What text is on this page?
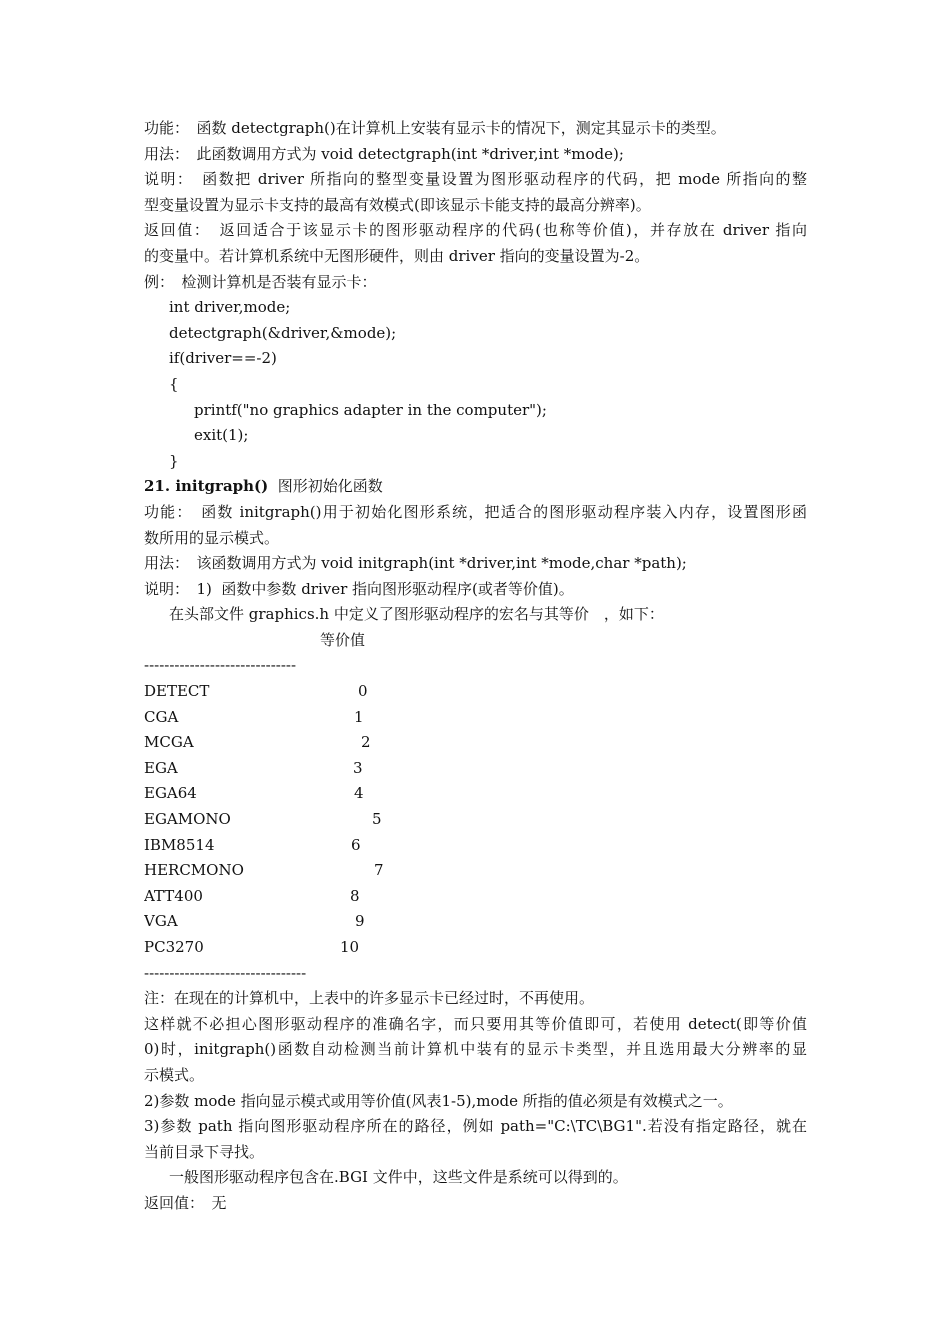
功能：　函数 detectgraph()在计算机上安装有显示卡的情况下，测定其显示卡的类型。
用法：　此函数调用方式为 void detectgraph(int *driver,int *mode);
说明：　函数把 driver 所指向的整型变量设置为图形驱动程序的代码，把 mode 所指向的整
型变量设置为显示卡支持的最高有效模式(即该显示卡能支持的最高分辨率)。
返回值：　返回适合于该显示卡的图形驱动程序的代码(也称等价值)，并存放在 driver 指向
的变量中。若计算机系统中无图形硬件，则由 driver 指向的变量设置为-2。
例：　检测计算机是否装有显示卡：
int driver,mode;
detectgraph(&driver,&mode);
if(driver==-2)
{
printf("no graphics adapter in the computer");
exit(1);
}
21. initgraph()  图形初始化函数
功能：　函数 initgraph()用于初始化图形系统，把适合的图形驱动程序装入内存，设置图形函
数所用的显示模式。
用法：　该函数调用方式为 void initgraph(int *driver,int *mode,char *path);
说明：　1)  函数中参数 driver 指向图形驱动程序(或者等价值)。
在头部文件 graphics.h 中定义了图形驱动程序的宏名与其等价　，如下：

等价值

------------------------------
DETECT	0
CGA	1
MCGA	2
EGA	3
EGA64	4
EGAMONO	5
IBM8514	6
HERCMONO	7
ATT400	8
VGA	9
PC3270	10
--------------------------------
注：在现在的计算机中，上表中的许多显示卡已经过时，不再使用。
这样就不必担心图形驱动程序的准确名字，而只要用其等价值即可，若使用 detect(即等价值
0)时，initgraph()函数自动检测当前计算机中装有的显示卡类型，并且选用最大分辨率的显
示模式。
2)参数 mode 指向显示模式或用等价值(风表1-5),mode 所指的值必须是有效模式之一。
3)参数 path 指向图形驱动程序所在的路径，例如 path="C:\TC\BG1".若没有指定路径，就在
当前目录下寻找。
一般图形驱动程序包含在.BGI 文件中，这些文件是系统可以得到的。
返回值：　无
